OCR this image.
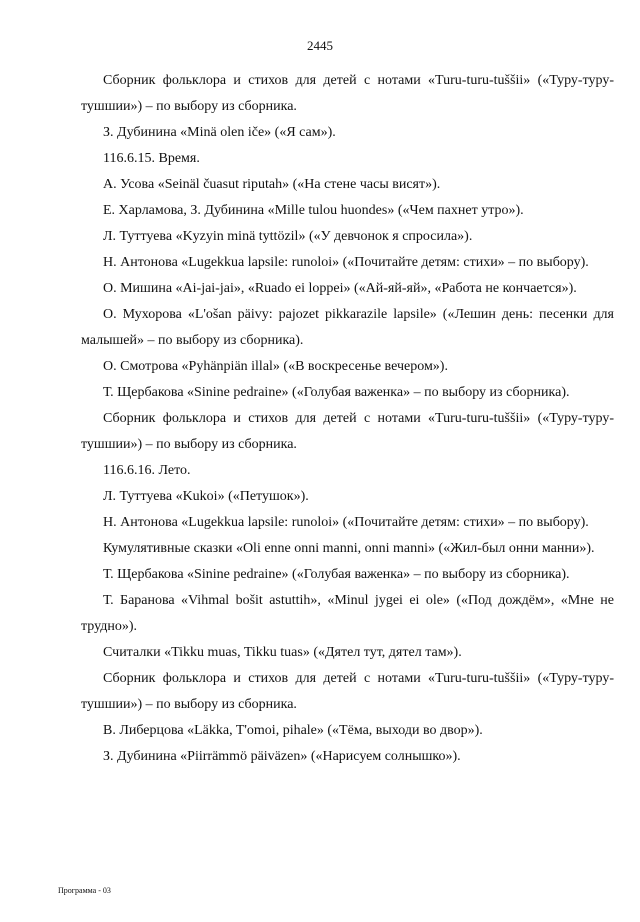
2445

Сборник фольклора и стихов для детей с нотами «Turu-turu-tuššii» («Туру-туру-тушшии») – по выбору из сборника.

З. Дубинина «Minä olen iče» («Я сам»).

116.6.15. Время.

А. Усова «Seinäl čuasut riputah» («На стене часы висят»).

Е. Харламова, З. Дубинина «Mille tulou huondes» («Чем пахнет утро»).

Л. Туттуева «Kyzyin minä tyttözil» («У девчонок я спросила»).

Н. Антонова «Lugekkua lapsile: runoloi» («Почитайте детям: стихи» – по выбору).

О. Мишина «Ai-jai-jai», «Ruado ei loppei» («Ай-яй-яй», «Работа не кончается»).

О. Мухорова «L'ošan päivy: pajozet pikkarazile lapsile» («Лешин день: песенки для малышей» – по выбору из сборника).

О. Смотрова «Pyhänpiän illal» («В воскресенье вечером»).

Т. Щербакова «Sinine pedraine» («Голубая важенка» – по выбору из сборника).

Сборник фольклора и стихов для детей с нотами «Turu-turu-tuššii» («Туру-туру-тушшии») – по выбору из сборника.

116.6.16. Лето.

Л. Туттуева «Kukoi» («Петушок»).

Н. Антонова «Lugekkua lapsile: runoloi» («Почитайте детям: стихи» – по выбору).

Кумулятивные сказки «Oli enne onni manni, onni manni» («Жил-был онни манни»).

Т. Щербакова «Sinine pedraine» («Голубая важенка» – по выбору из сборника).

Т. Баранова «Vihmal bošit astuttih», «Minul jygei ei ole» («Под дождём», «Мне не трудно»).

Считалки «Tikku muas, Tikku tuas» («Дятел тут, дятел там»).

Сборник фольклора и стихов для детей с нотами «Turu-turu-tuššii» («Туру-туру-тушшии») – по выбору из сборника.

В. Либерцова «Läkka, T'omoi, pihale» («Тёма, выходи во двор»).

З. Дубинина «Piirrämmö päiväzen» («Нарисуем солнышко»).

Программа - 03
